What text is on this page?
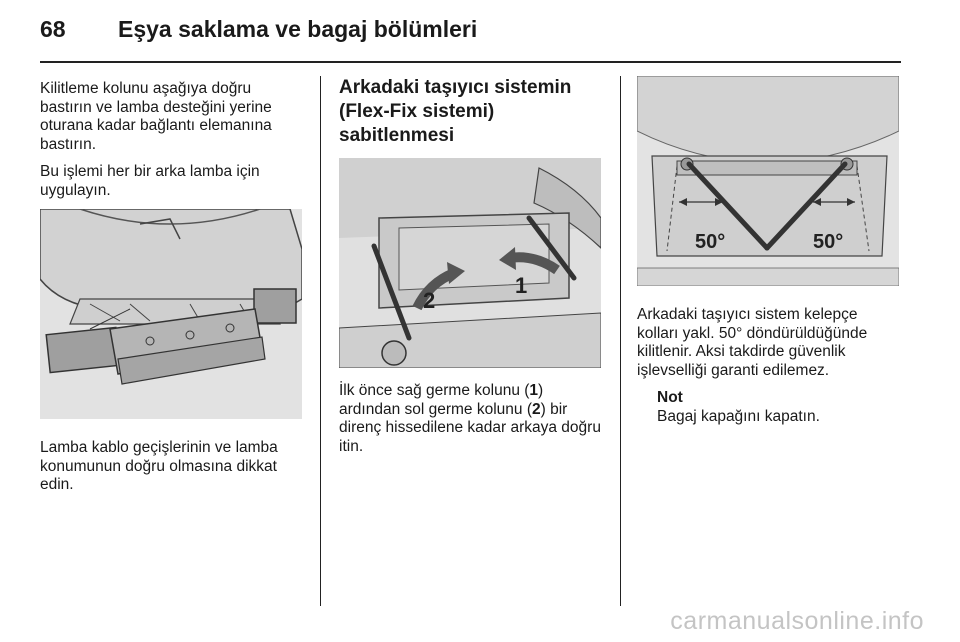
68 Eşya saklama ve bagaj bölümleri

Kilitleme kolunu aşağıya doğru bastırın ve lamba desteğini yerine oturana kadar bağlantı elemanına bastırın.

Bu işlemi her bir arka lamba için uygulayın.

Lamba kablo geçişlerinin ve lamba konumunun doğru olmasına dikkat edin.

Arkadaki taşıyıcı sistemin (Flex-Fix sistemi) sabitlenmesi
2
1

İlk önce sağ germe kolunu (1) ardından sol germe kolunu (2) bir direnç hissedilene kadar arkaya doğru itin.

50°	50°

Arkadaki taşıyıcı sistem kelepçe kolları yakl. 50° döndürüldüğünde kilitlenir. Aksi takdirde güvenlik işlevselliği garanti edilemez.

Not
Bagaj kapağını kapatın.
carmanualsonline.info
